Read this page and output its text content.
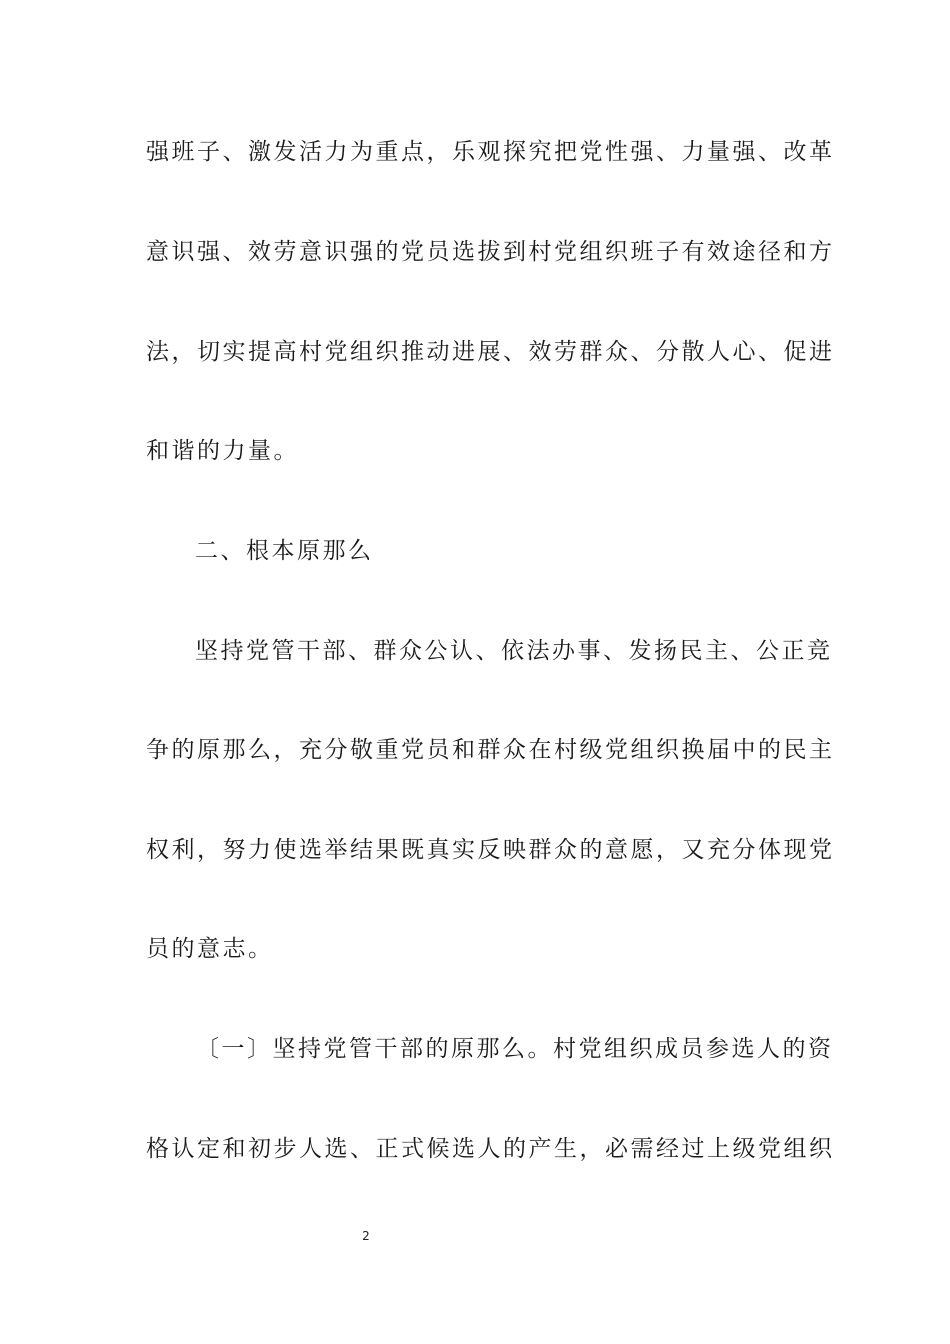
强班子、激发活力为重点，乐观探究把党性强、力量强、改革
意识强、效劳意识强的党员选拔到村党组织班子有效途径和方
法，切实提高村党组织推动进展、效劳群众、分散人心、促进
和谐的力量。
二、根本原那么
坚持党管干部、群众公认、依法办事、发扬民主、公正竞
争的原那么，充分敬重党员和群众在村级党组织换届中的民主
权利，努力使选举结果既真实反映群众的意愿，又充分体现党
员的意志。
〔一〕坚持党管干部的原那么。村党组织成员参选人的资
格认定和初步人选、正式候选人的产生，必需经过上级党组织
2
